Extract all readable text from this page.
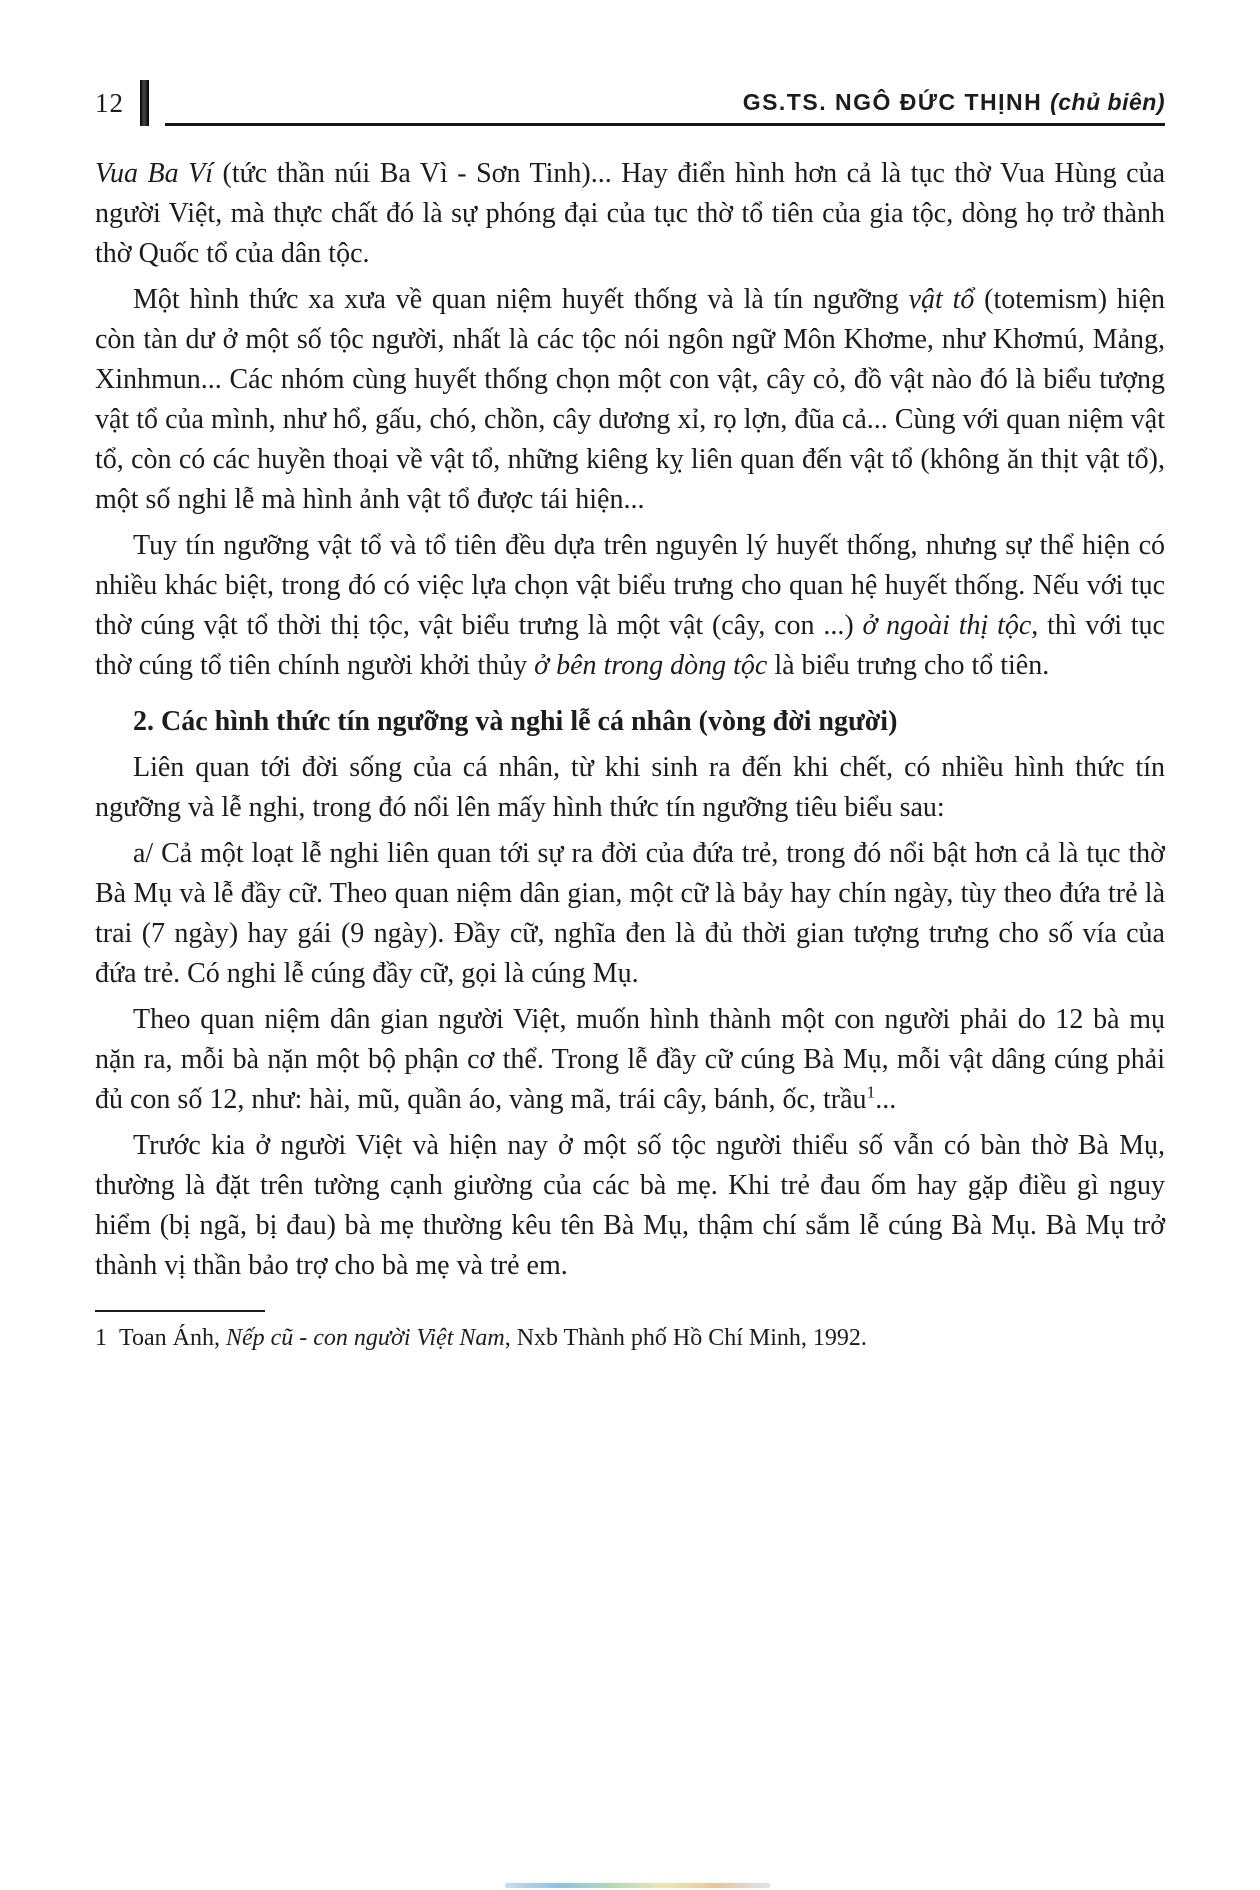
12	GS.TS. NGÔ ĐỨC THỊNH (chủ biên)

Vua Ba Ví (tức thần núi Ba Vì - Sơn Tinh)... Hay điển hình hơn cả là tục thờ Vua Hùng của người Việt, mà thực chất đó là sự phóng đại của tục thờ tổ tiên của gia tộc, dòng họ trở thành thờ Quốc tổ của dân tộc.

Một hình thức xa xưa về quan niệm huyết thống và là tín ngưỡng vật tổ (totemism) hiện còn tàn dư ở một số tộc người, nhất là các tộc nói ngôn ngữ Môn Khơme, như Khơmú, Mảng, Xinhmun... Các nhóm cùng huyết thống chọn một con vật, cây cỏ, đồ vật nào đó là biểu tượng vật tổ của mình, như hổ, gấu, chó, chồn, cây dương xỉ, rọ lợn, đũa cả... Cùng với quan niệm vật tổ, còn có các huyền thoại về vật tổ, những kiêng kỵ liên quan đến vật tổ (không ăn thịt vật tổ), một số nghi lễ mà hình ảnh vật tổ được tái hiện...

Tuy tín ngưỡng vật tổ và tổ tiên đều dựa trên nguyên lý huyết thống, nhưng sự thể hiện có nhiều khác biệt, trong đó có việc lựa chọn vật biểu trưng cho quan hệ huyết thống. Nếu với tục thờ cúng vật tổ thời thị tộc, vật biểu trưng là một vật (cây, con ...) ở ngoài thị tộc, thì với tục thờ cúng tổ tiên chính người khởi thủy ở bên trong dòng tộc là biểu trưng cho tổ tiên.

2. Các hình thức tín ngưỡng và nghi lễ cá nhân (vòng đời người)

Liên quan tới đời sống của cá nhân, từ khi sinh ra đến khi chết, có nhiều hình thức tín ngưỡng và lễ nghi, trong đó nổi lên mấy hình thức tín ngưỡng tiêu biểu sau:

a/ Cả một loạt lễ nghi liên quan tới sự ra đời của đứa trẻ, trong đó nổi bật hơn cả là tục thờ Bà Mụ và lễ đầy cữ. Theo quan niệm dân gian, một cữ là bảy hay chín ngày, tùy theo đứa trẻ là trai (7 ngày) hay gái (9 ngày). Đầy cữ, nghĩa đen là đủ thời gian tượng trưng cho số vía của đứa trẻ. Có nghi lễ cúng đầy cữ, gọi là cúng Mụ.

Theo quan niệm dân gian người Việt, muốn hình thành một con người phải do 12 bà mụ nặn ra, mỗi bà nặn một bộ phận cơ thể. Trong lễ đầy cữ cúng Bà Mụ, mỗi vật dâng cúng phải đủ con số 12, như: hài, mũ, quần áo, vàng mã, trái cây, bánh, ốc, trầu$^1$...

Trước kia ở người Việt và hiện nay ở một số tộc người thiểu số vẫn có bàn thờ Bà Mụ, thường là đặt trên tường cạnh giường của các bà mẹ. Khi trẻ đau ốm hay gặp điều gì nguy hiểm (bị ngã, bị đau) bà mẹ thường kêu tên Bà Mụ, thậm chí sắm lễ cúng Bà Mụ. Bà Mụ trở thành vị thần bảo trợ cho bà mẹ và trẻ em.

1  Toan Ánh, Nếp cũ - con người Việt Nam, Nxb Thành phố Hồ Chí Minh, 1992.
